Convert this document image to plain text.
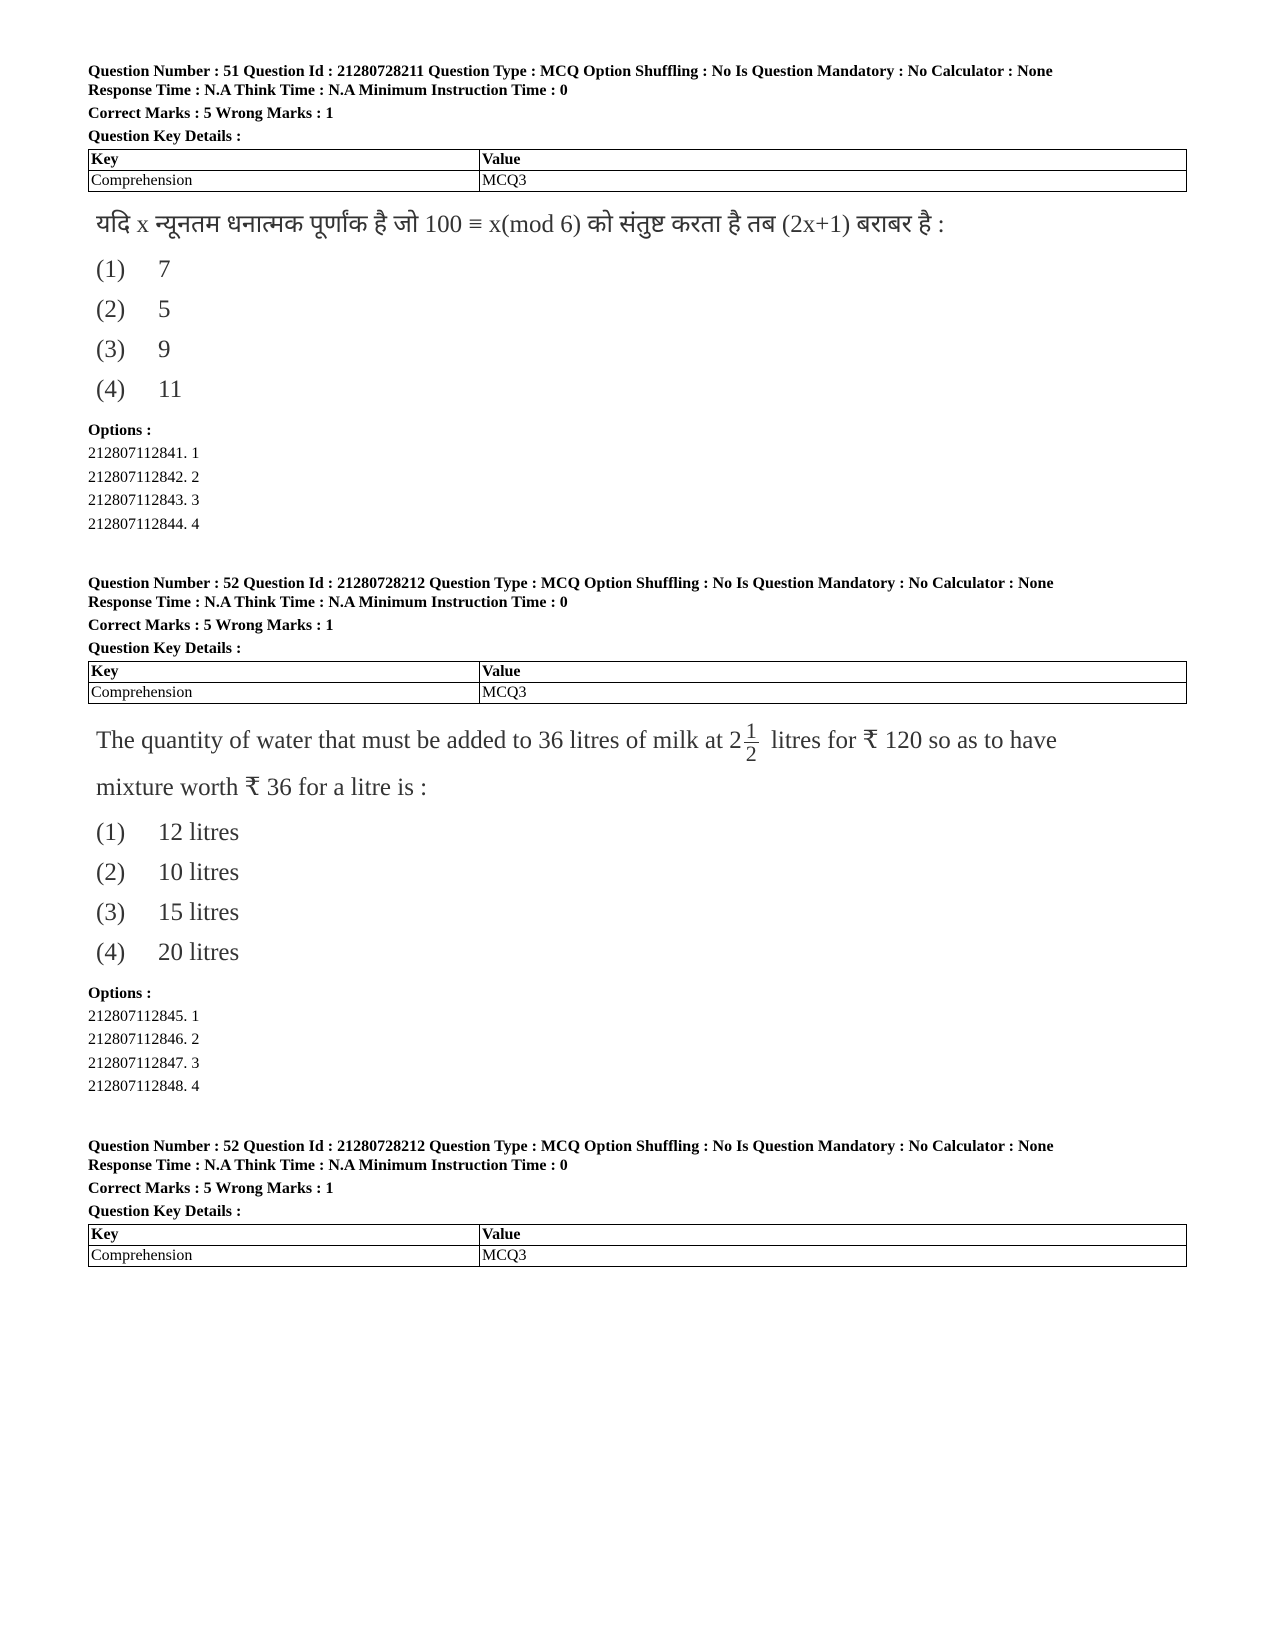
Question Number : 51 Question Id : 21280728211 Question Type : MCQ Option Shuffling : No Is Question Mandatory : No Calculator : None

Response Time : N.A Think Time : N.A Minimum Instruction Time : 0

Correct Marks : 5 Wrong Marks : 1

Question Key Details :

Key	Value
Comprehension	MCQ3
यदि x न्यूनतम धनात्मक पूर्णांक है जो 100 ≡ x(mod 6) को संतुष्ट करता है तब (2x+1) बराबर है :
(1) 7
(2) 5
(3) 9
(4) 11
Options :
212807112841. 1
212807112842. 2
212807112843. 3
212807112844. 4

Question Number : 52 Question Id : 21280728212 Question Type : MCQ Option Shuffling : No Is Question Mandatory : No Calculator : None

Response Time : N.A Think Time : N.A Minimum Instruction Time : 0

Correct Marks : 5 Wrong Marks : 1

Question Key Details :

Key	Value
Comprehension	MCQ3
The quantity of water that must be added to 36 litres of milk at $2 \frac{1}{2}$ litres for ₹ 120 so as to have
mixture worth ₹ 36 for a litre is :
(1) 12 litres
(2) 10 litres
(3) 15 litres
(4) 20 litres
Options :
212807112845. 1
212807112846. 2
212807112847. 3
212807112848. 4

Question Number : 52 Question Id : 21280728212 Question Type : MCQ Option Shuffling : No Is Question Mandatory : No Calculator : None

Response Time : N.A Think Time : N.A Minimum Instruction Time : 0

Correct Marks : 5 Wrong Marks : 1

Question Key Details :

Key	Value
Comprehension	MCQ3
